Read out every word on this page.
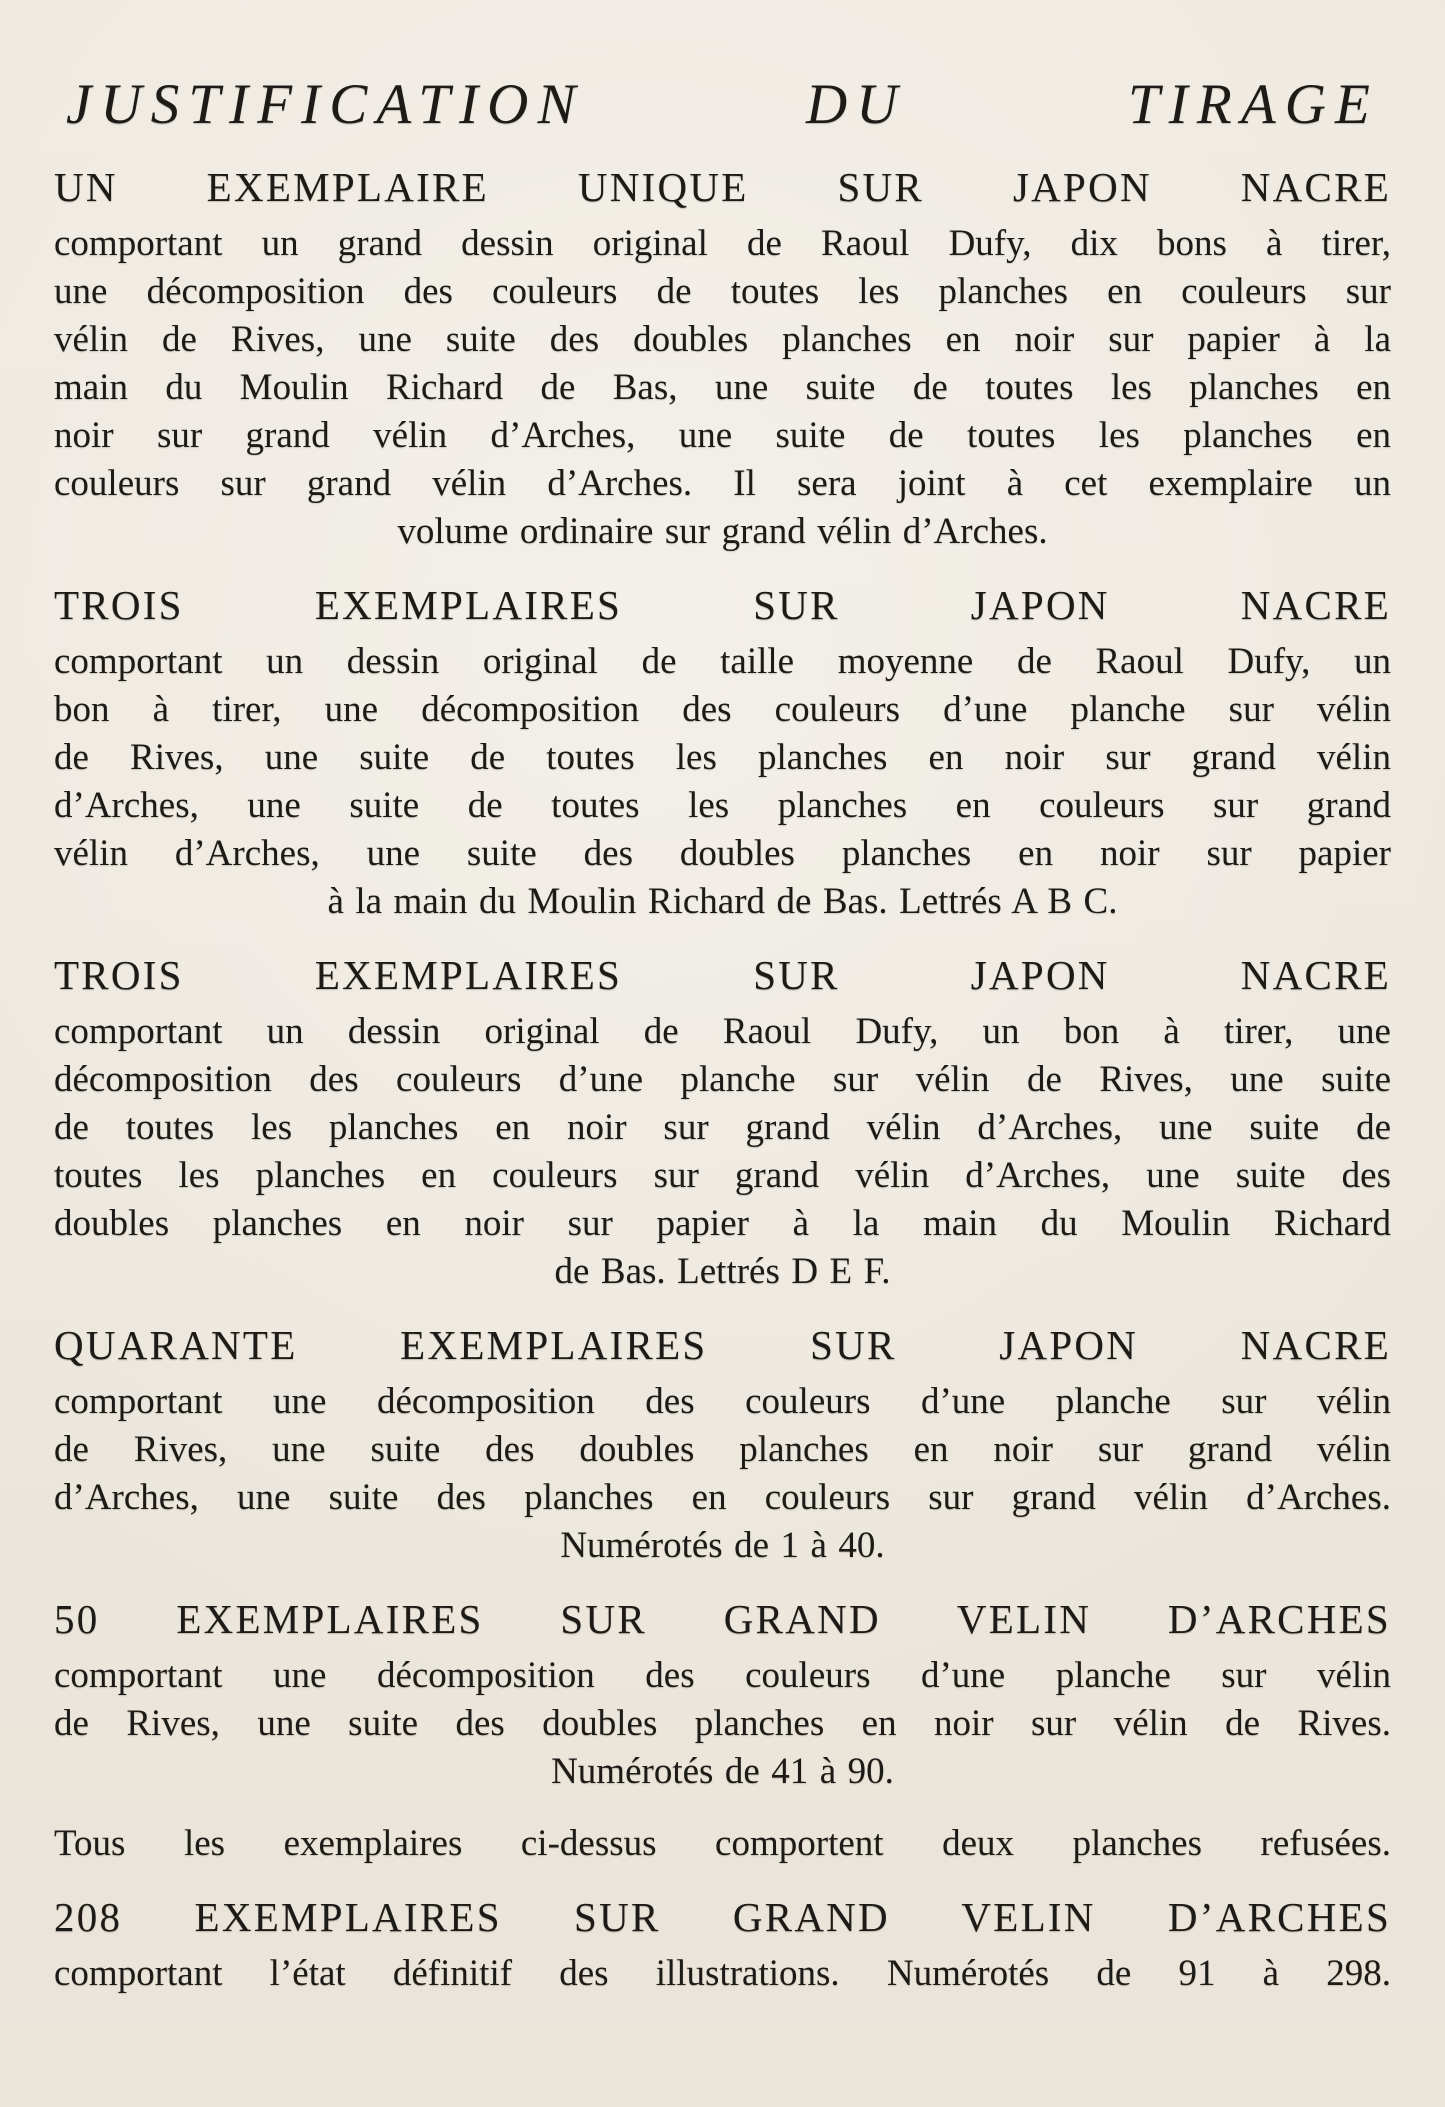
JUSTIFICATION DU TIRAGE
UN EXEMPLAIRE UNIQUE SUR JAPON NACRE
comportant un grand dessin original de Raoul Dufy, dix bons à tirer,
une décomposition des couleurs de toutes les planches en couleurs sur
vélin de Rives, une suite des doubles planches en noir sur papier à la
main du Moulin Richard de Bas, une suite de toutes les planches en
noir sur grand vélin d’Arches, une suite de toutes les planches en
couleurs sur grand vélin d’Arches. Il sera joint à cet exemplaire un
volume ordinaire sur grand vélin d’Arches.
TROIS EXEMPLAIRES SUR JAPON NACRE
comportant un dessin original de taille moyenne de Raoul Dufy, un
bon à tirer, une décomposition des couleurs d’une planche sur vélin
de Rives, une suite de toutes les planches en noir sur grand vélin
d’Arches, une suite de toutes les planches en couleurs sur grand
vélin d’Arches, une suite des doubles planches en noir sur papier
à la main du Moulin Richard de Bas. Lettrés A B C.
TROIS EXEMPLAIRES SUR JAPON NACRE
comportant un dessin original de Raoul Dufy, un bon à tirer, une
décomposition des couleurs d’une planche sur vélin de Rives, une suite
de toutes les planches en noir sur grand vélin d’Arches, une suite de
toutes les planches en couleurs sur grand vélin d’Arches, une suite des
doubles planches en noir sur papier à la main du Moulin Richard
de Bas. Lettrés D E F.
QUARANTE EXEMPLAIRES SUR JAPON NACRE
comportant une décomposition des couleurs d’une planche sur vélin
de Rives, une suite des doubles planches en noir sur grand vélin
d’Arches, une suite des planches en couleurs sur grand vélin d’Arches.
Numérotés de 1 à 40.
50 EXEMPLAIRES SUR GRAND VELIN D’ARCHES
comportant une décomposition des couleurs d’une planche sur vélin
de Rives, une suite des doubles planches en noir sur vélin de Rives.
Numérotés de 41 à 90.
Tous les exemplaires ci-dessus comportent deux planches refusées.
208 EXEMPLAIRES SUR GRAND VELIN D’ARCHES
comportant l’état définitif des illustrations. Numérotés de 91 à 298.
